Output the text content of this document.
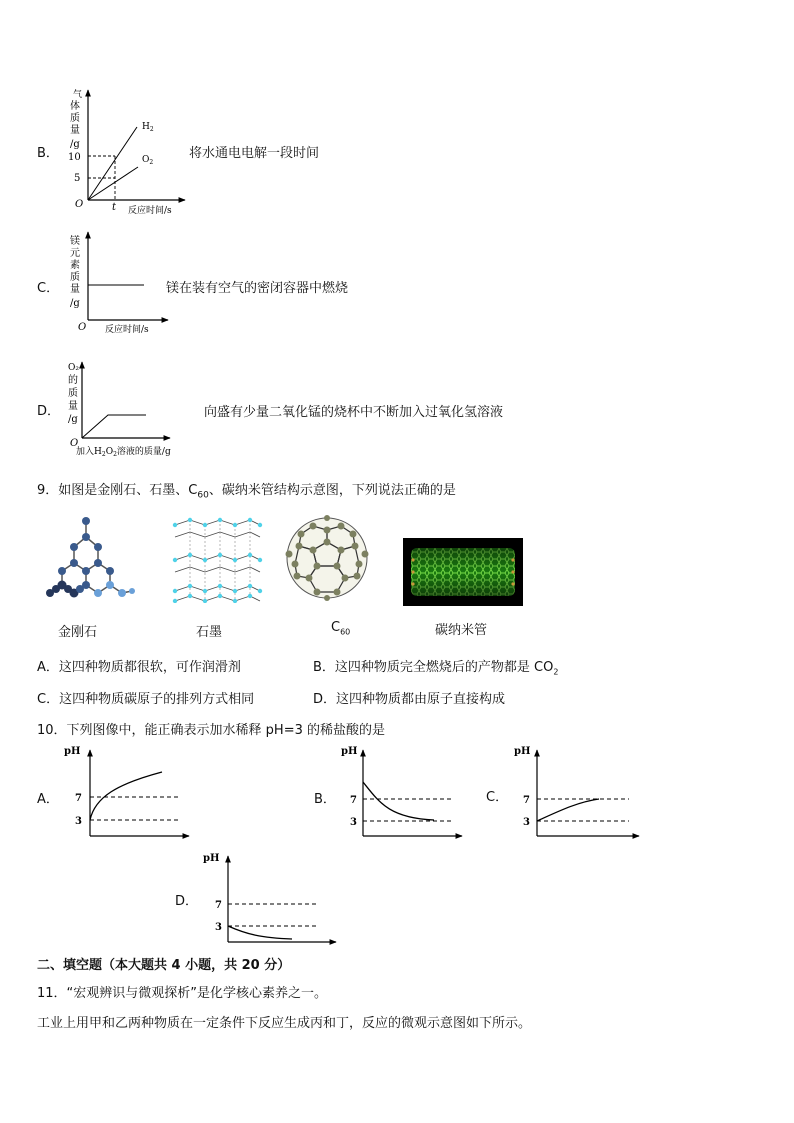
B．
气
体
质
量
/g
10
5
O	t 反应时间/s
$H_2$
$O_2$
将水通电电解一段时间
C．
镁
元
素
质
量
/g
O 反应时间/s
镁在装有空气的密闭容器中燃烧
D．
O₂
的
质
量
/g
O
加入$H_2O_2$溶液的质量/g
向盛有少量二氧化锰的烧杯中不断加入过氧化氢溶液
9．如图是金刚石、石墨、$C_{60}$、碳纳米管结构示意图，下列说法正确的是
金刚石	石墨	$C_{60}$	碳纳米管
A．这四种物质都很软，可作润滑剂	B．这四种物质完全燃烧后的产物都是 $CO_2$
C．这四种物质碳原子的排列方式相同	D．这四种物质都由原子直接构成
10．下列图像中，能正确表示加水稀释 pH=3 的稀盐酸的是
A．
pH
7
3
B．
pH
7
3
C．
pH
7
3
D．
pH
7
3
二、填空题（本大题共 4 小题，共 20 分）
11．“宏观辨识与微观探析”是化学核心素养之一。
工业上用甲和乙两种物质在一定条件下反应生成丙和丁，反应的微观示意图如下所示。
